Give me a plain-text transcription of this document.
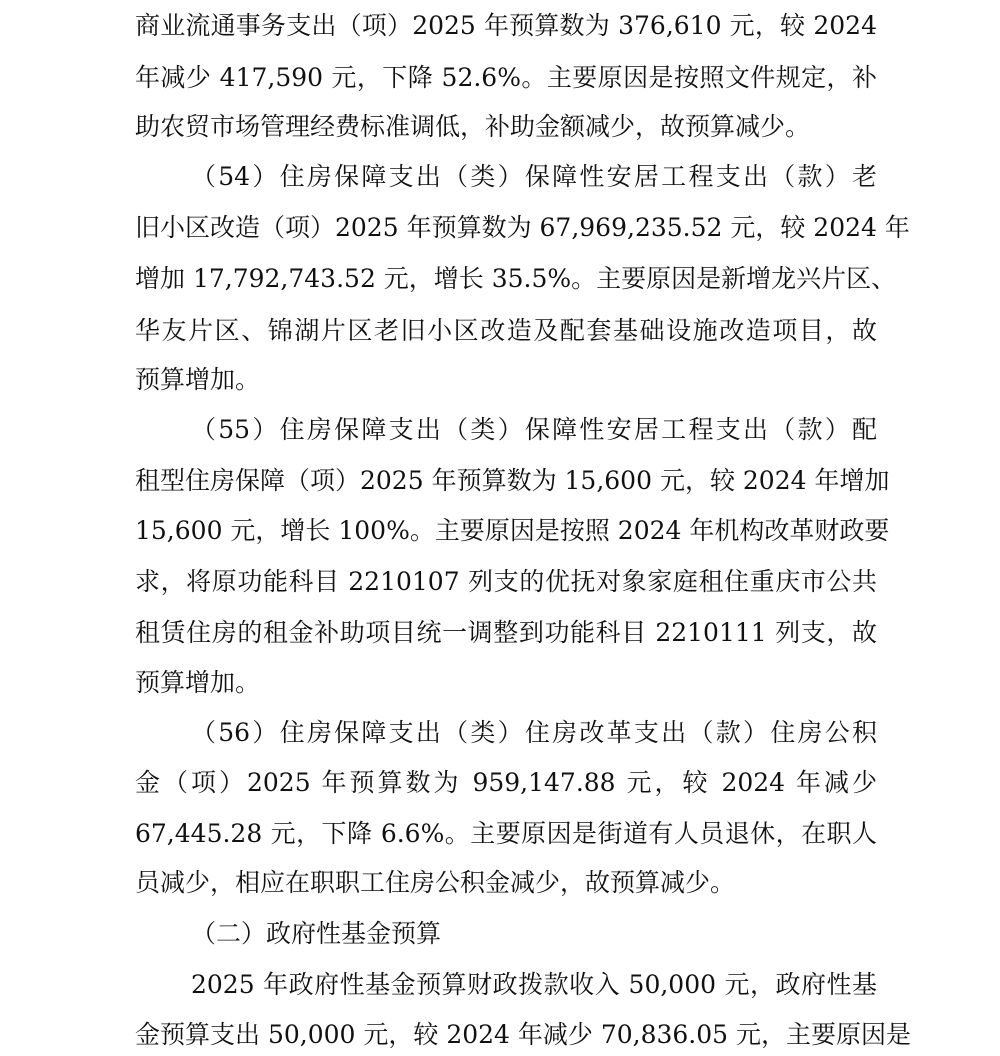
商业流通事务支出（项）2025 年预算数为 376,610 元，较 2024
年减少 417,590 元，下降 52.6%。主要原因是按照文件规定，补
助农贸市场管理经费标准调低，补助金额减少，故预算减少。
（54）住房保障支出（类）保障性安居工程支出（款）老
旧小区改造（项）2025 年预算数为 67,969,235.52 元，较 2024 年
增加 17,792,743.52 元，增长 35.5%。主要原因是新增龙兴片区、
华友片区、锦湖片区老旧小区改造及配套基础设施改造项目，故
预算增加。
（55）住房保障支出（类）保障性安居工程支出（款）配
租型住房保障（项）2025 年预算数为 15,600 元，较 2024 年增加
15,600 元，增长 100%。主要原因是按照 2024 年机构改革财政要
求，将原功能科目 2210107 列支的优抚对象家庭租住重庆市公共
租赁住房的租金补助项目统一调整到功能科目 2210111 列支，故
预算增加。
（56）住房保障支出（类）住房改革支出（款）住房公积
金（项）2025 年预算数为 959,147.88 元，较 2024 年减少
67,445.28 元，下降 6.6%。主要原因是街道有人员退休，在职人
员减少，相应在职职工住房公积金减少，故预算减少。
（二）政府性基金预算
2025 年政府性基金预算财政拨款收入 50,000 元，政府性基
金预算支出 50,000 元，较 2024 年减少 70,836.05 元，主要原因是
